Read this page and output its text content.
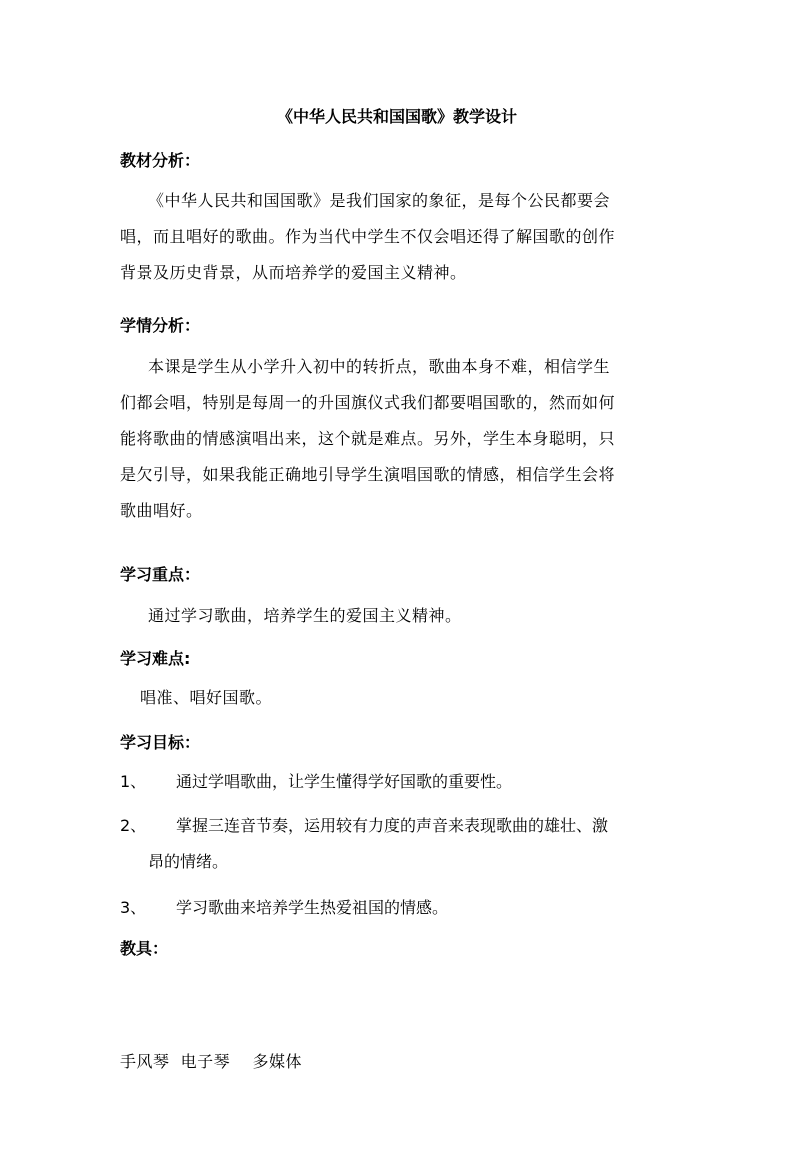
《中华人民共和国国歌》教学设计
教材分析：
《中华人民共和国国歌》是我们国家的象征，是每个公民都要会
唱，而且唱好的歌曲。作为当代中学生不仅会唱还得了解国歌的创作
背景及历史背景，从而培养学的爱国主义精神。
学情分析：
本课是学生从小学升入初中的转折点，歌曲本身不难，相信学生
们都会唱，特别是每周一的升国旗仪式我们都要唱国歌的，然而如何
能将歌曲的情感演唱出来，这个就是难点。另外，学生本身聪明，只
是欠引导，如果我能正确地引导学生演唱国歌的情感，相信学生会将
歌曲唱好。
学习重点：
通过学习歌曲，培养学生的爱国主义精神。
学习难点:
唱准、唱好国歌。
学习目标：
1、 通过学唱歌曲，让学生懂得学好国歌的重要性。
2、 掌握三连音节奏，运用较有力度的声音来表现歌曲的雄壮、激
昂的情绪。
3、 学习歌曲来培养学生热爱祖国的情感。
教具：

手风琴  电子琴    多媒体
